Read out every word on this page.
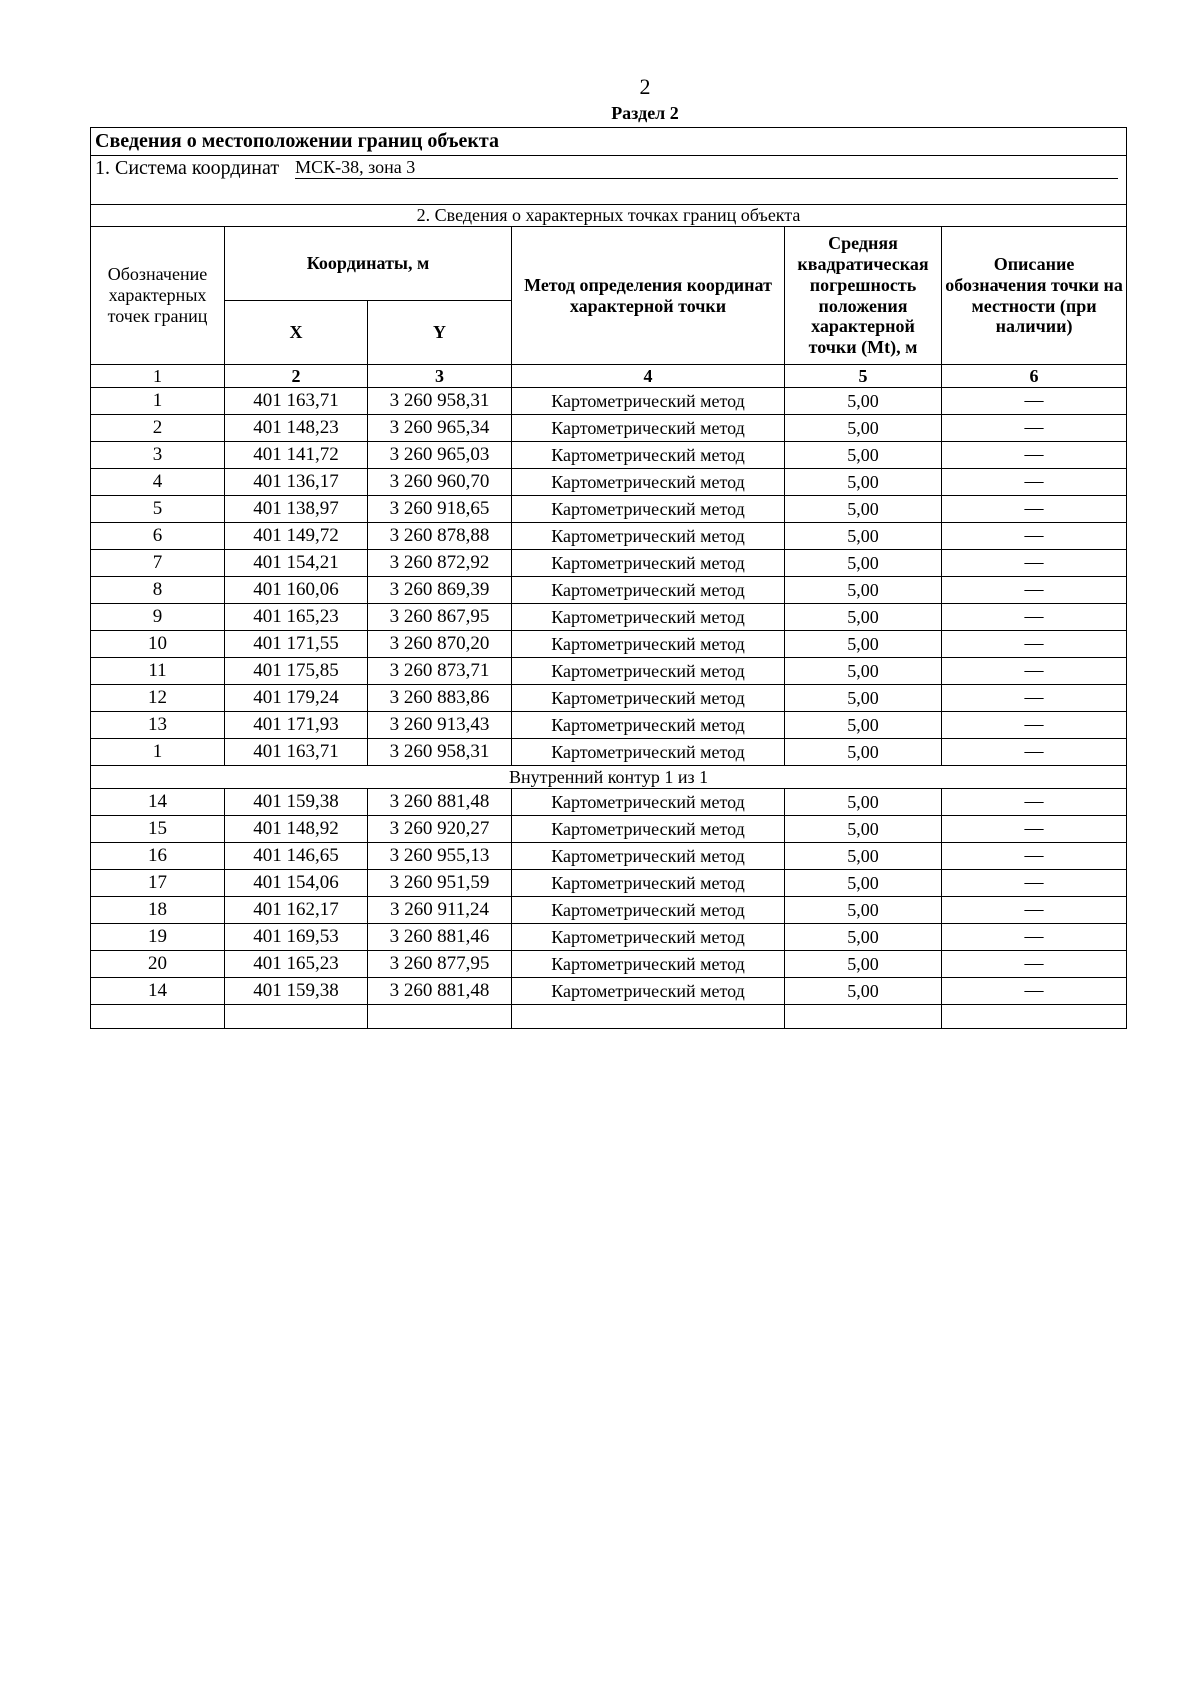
2
Раздел 2
Сведения о местоположении границ объекта					

1. Система координат МСК-38, зона 3					

2. Сведения о характерных точках границ объекта					
Обозначение характерных точек границ	Координаты, м		Метод определения координат характерной точки	Средняя квадратическая погрешность положения характерной точки (Mt), м	Описание обозначения точки на местности (при наличии)
	X	Y			
1	2	3	4	5	6
1	401 163,71	3 260 958,31	Картометрический метод	5,00	—
2	401 148,23	3 260 965,34	Картометрический метод	5,00	—
3	401 141,72	3 260 965,03	Картометрический метод	5,00	—
4	401 136,17	3 260 960,70	Картометрический метод	5,00	—
5	401 138,97	3 260 918,65	Картометрический метод	5,00	—
6	401 149,72	3 260 878,88	Картометрический метод	5,00	—
7	401 154,21	3 260 872,92	Картометрический метод	5,00	—
8	401 160,06	3 260 869,39	Картометрический метод	5,00	—
9	401 165,23	3 260 867,95	Картометрический метод	5,00	—
10	401 171,55	3 260 870,20	Картометрический метод	5,00	—
11	401 175,85	3 260 873,71	Картометрический метод	5,00	—
12	401 179,24	3 260 883,86	Картометрический метод	5,00	—
13	401 171,93	3 260 913,43	Картометрический метод	5,00	—
1	401 163,71	3 260 958,31	Картометрический метод	5,00	—
Внутренний контур 1 из 1					
14	401 159,38	3 260 881,48	Картометрический метод	5,00	—
15	401 148,92	3 260 920,27	Картометрический метод	5,00	—
16	401 146,65	3 260 955,13	Картометрический метод	5,00	—
17	401 154,06	3 260 951,59	Картометрический метод	5,00	—
18	401 162,17	3 260 911,24	Картометрический метод	5,00	—
19	401 169,53	3 260 881,46	Картометрический метод	5,00	—
20	401 165,23	3 260 877,95	Картометрический метод	5,00	—
14	401 159,38	3 260 881,48	Картометрический метод	5,00	—
